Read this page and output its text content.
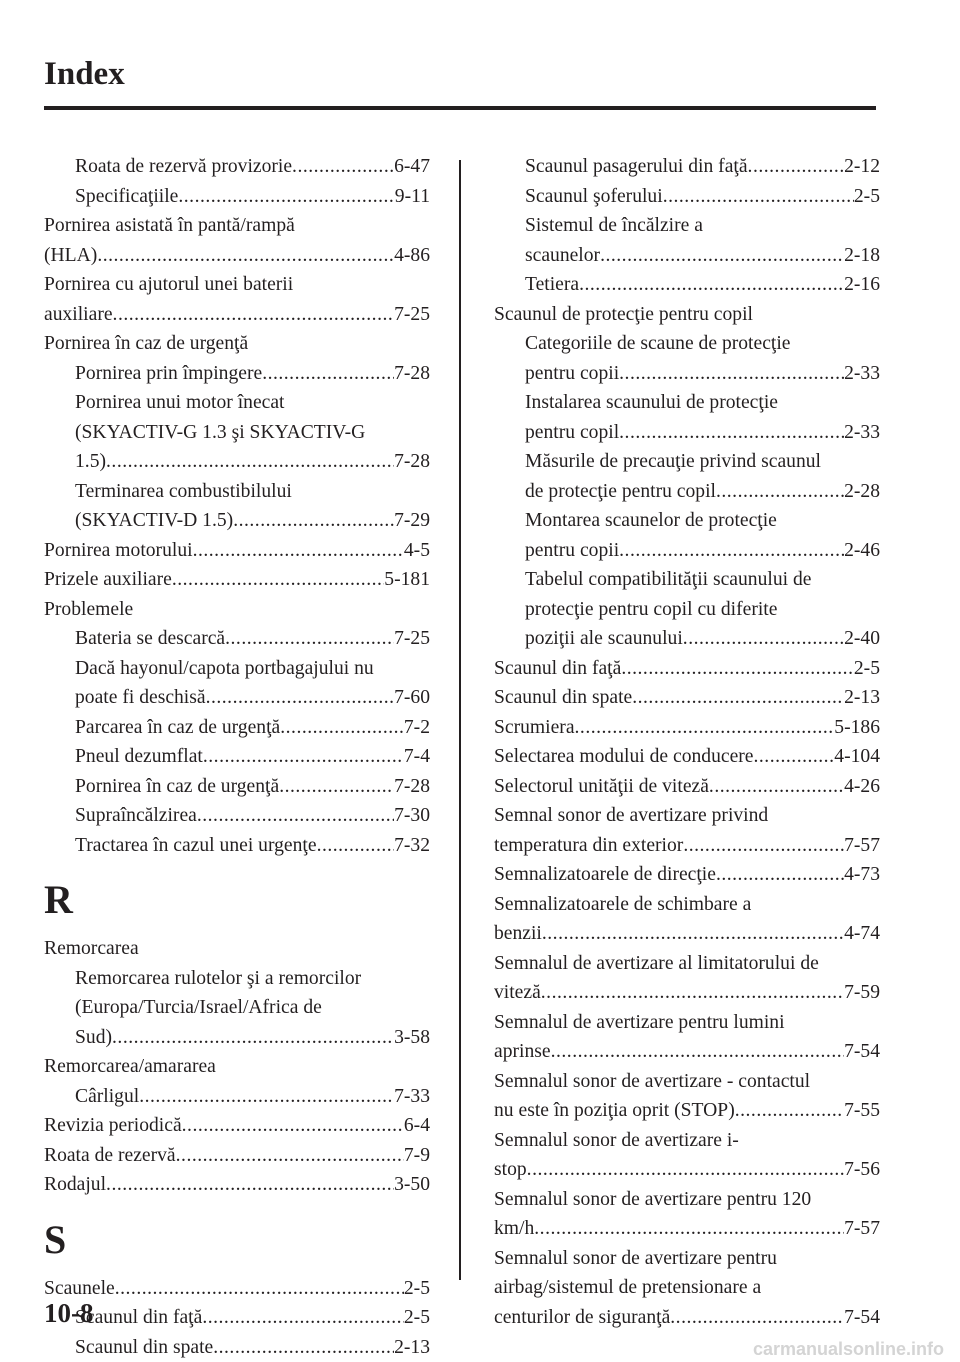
Index
Roata de rezervă provizorie .....	6-47
Specificaţiile .....	9-11
Pornirea asistată în pantă/rampă
(HLA) .....	4-86
Pornirea cu ajutorul unei baterii
auxiliare .....	7-25
Pornirea în caz de urgenţă
Pornirea prin împingere .....	7-28
Pornirea unui motor înecat
(SKYACTIV-G 1.3 şi SKYACTIV-G
1.5) .....	7-28
Terminarea combustibilului
(SKYACTIV-D 1.5) .....	7-29
Pornirea motorului .....	4-5
Prizele auxiliare .....	5-181
Problemele
Bateria se descarcă .....	7-25
Dacă hayonul/capota portbagajului nu
poate fi deschisă .....	7-60
Parcarea în caz de urgenţă .....	7-2
Pneul dezumflat .....	7-4
Pornirea în caz de urgenţă .....	7-28
Supraîncălzirea .....	7-30
Tractarea în cazul unei urgenţe .....	7-32
R
Remorcarea
Remorcarea rulotelor şi a remorcilor
(Europa/Turcia/Israel/Africa de
Sud) .....	3-58
Remorcarea/amararea
Cârligul .....	7-33
Revizia periodică .....	6-4
Roata de rezervă .....	7-9
Rodajul .....	3-50
S
Scaunele .....	2-5
Scaunul din faţă .....	2-5
Scaunul din spate .....	2-13
Scaunul pasagerului din faţă .....	2-12
Scaunul şoferului .....	2-5
Sistemul de încălzire a
scaunelor .....	2-18
Tetiera .....	2-16
Scaunul de protecţie pentru copil
Categoriile de scaune de protecţie
pentru copii .....	2-33
Instalarea scaunului de protecţie
pentru copil .....	2-33
Măsurile de precauţie privind scaunul
de protecţie pentru copil .....	2-28
Montarea scaunelor de protecţie
pentru copii .....	2-46
Tabelul compatibilităţii scaunului de
protecţie pentru copil cu diferite
poziţii ale scaunului .....	2-40
Scaunul din faţă .....	2-5
Scaunul din spate .....	2-13
Scrumiera .....	5-186
Selectarea modului de conducere .....	4-104
Selectorul unităţii de viteză .....	4-26
Semnal sonor de avertizare privind
temperatura din exterior .....	7-57
Semnalizatoarele de direcţie .....	4-73
Semnalizatoarele de schimbare a
benzii .....	4-74
Semnalul de avertizare al limitatorului de
viteză .....	7-59
Semnalul de avertizare pentru lumini
aprinse .....	7-54
Semnalul sonor de avertizare - contactul
nu este în poziţia oprit (STOP) .....	7-55
Semnalul sonor de avertizare i-
stop .....	7-56
Semnalul sonor de avertizare pentru 120
km/h .....	7-57
Semnalul sonor de avertizare pentru
airbag/sistemul de pretensionare a
centurilor de siguranţă .....	7-54
10-8
carmanualsonline.info
